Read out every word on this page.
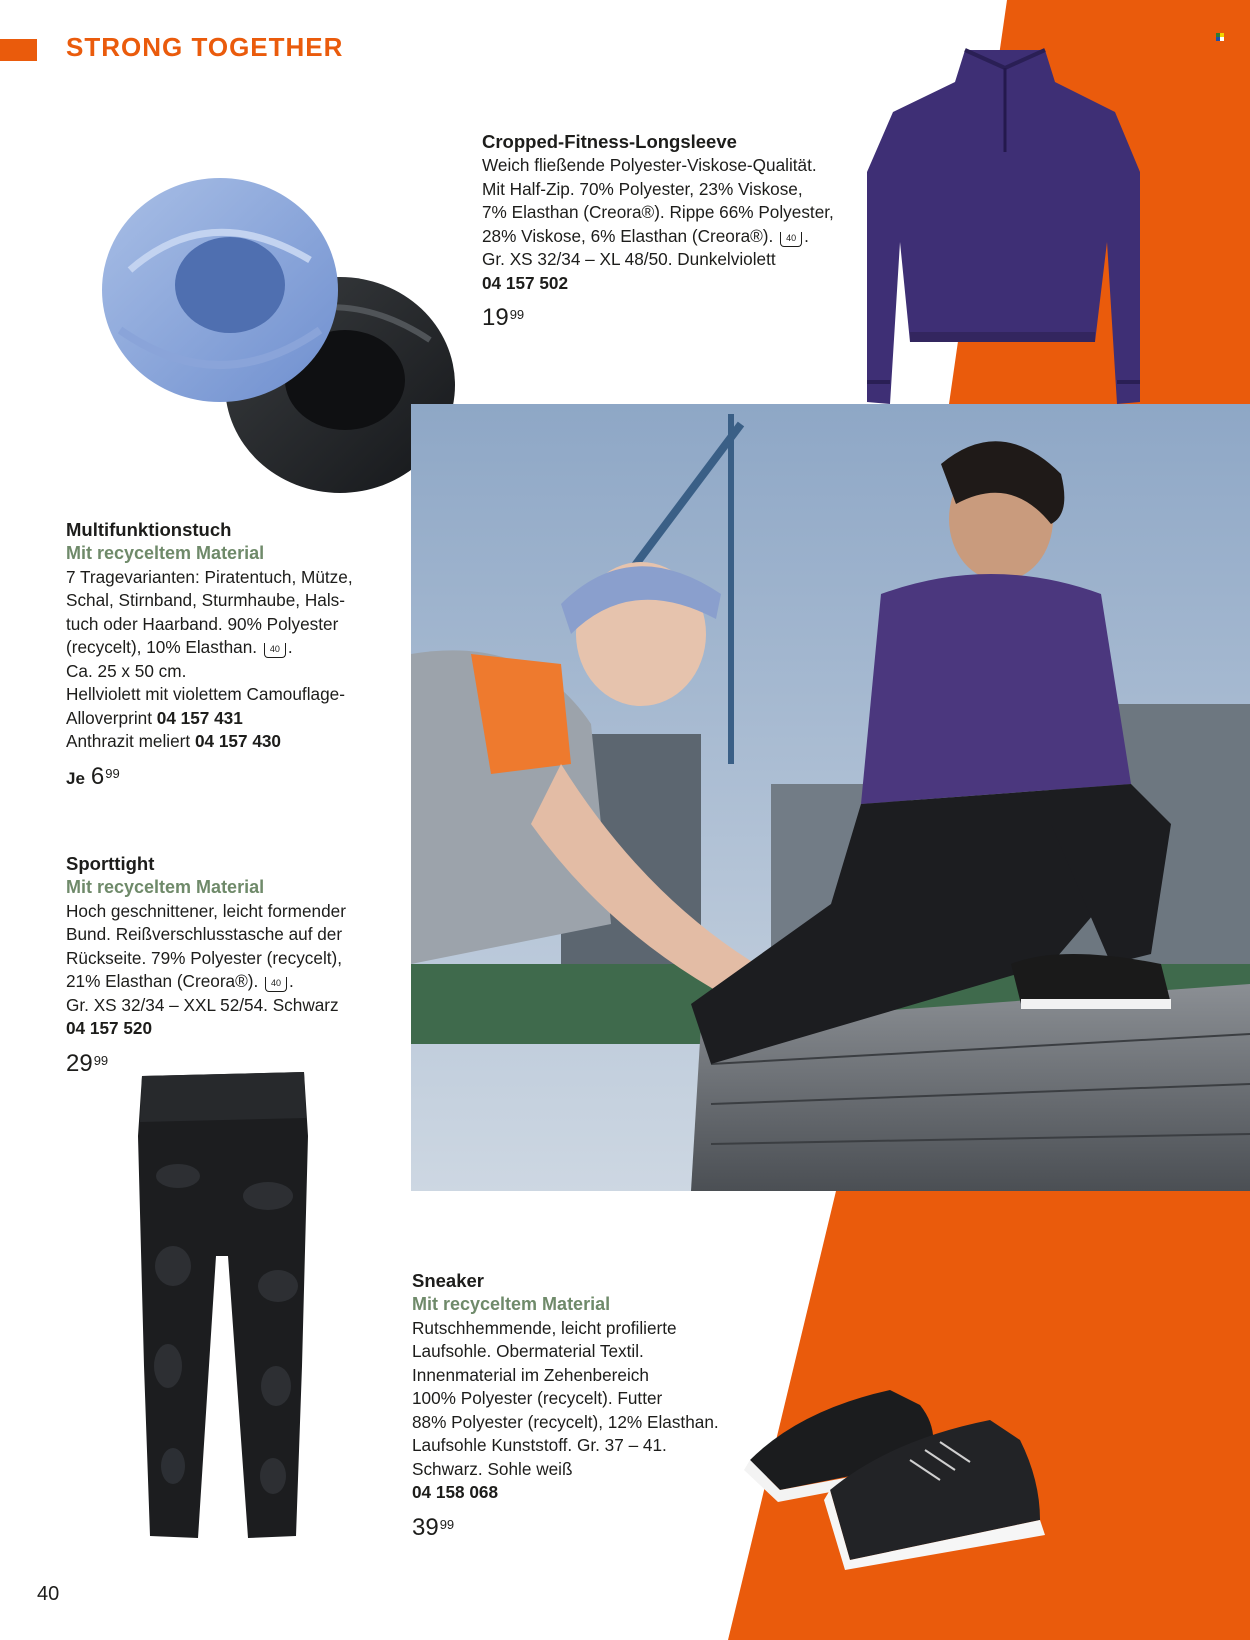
STRONG TOGETHER
Cropped-Fitness-Longsleeve
Weich fließende Polyester-Viskose-Qualität.
Mit Half-Zip. 70% Polyester, 23% Viskose,
7% Elasthan (Creora®). Rippe 66% Polyester,
28% Viskose, 6% Elasthan (Creora®). 40 .
Gr. XS 32/34 – XL 48/50. Dunkelviolett
04 157 502
$19^{99}$
Multifunktionstuch
Mit recyceltem Material
7 Tragevarianten: Piratentuch, Mütze,
Schal, Stirnband, Sturmhaube, Hals-
tuch oder Haarband. 90% Polyester
(recycelt), 10% Elasthan. 40 .
Ca. 25 x 50 cm.
Hellviolett mit violettem Camouflage-
Alloverprint 04 157 431
Anthrazit meliert 04 157 430
Je $6^{99}$
Sporttight
Mit recyceltem Material
Hoch geschnittener, leicht formender
Bund. Reißverschlusstasche auf der
Rückseite. 79% Polyester (recycelt),
21% Elasthan (Creora®). 40 .
Gr. XS 32/34 – XXL 52/54. Schwarz
04 157 520
$29^{99}$
Sneaker
Mit recyceltem Material
Rutschhemmende, leicht profilierte
Laufsohle. Obermaterial Textil.
Innenmaterial im Zehenbereich
100% Polyester (recycelt). Futter
88% Polyester (recycelt), 12% Elasthan.
Laufsohle Kunststoff. Gr. 37 – 41.
Schwarz. Sohle weiß
04 158 068
$39^{99}$
40
